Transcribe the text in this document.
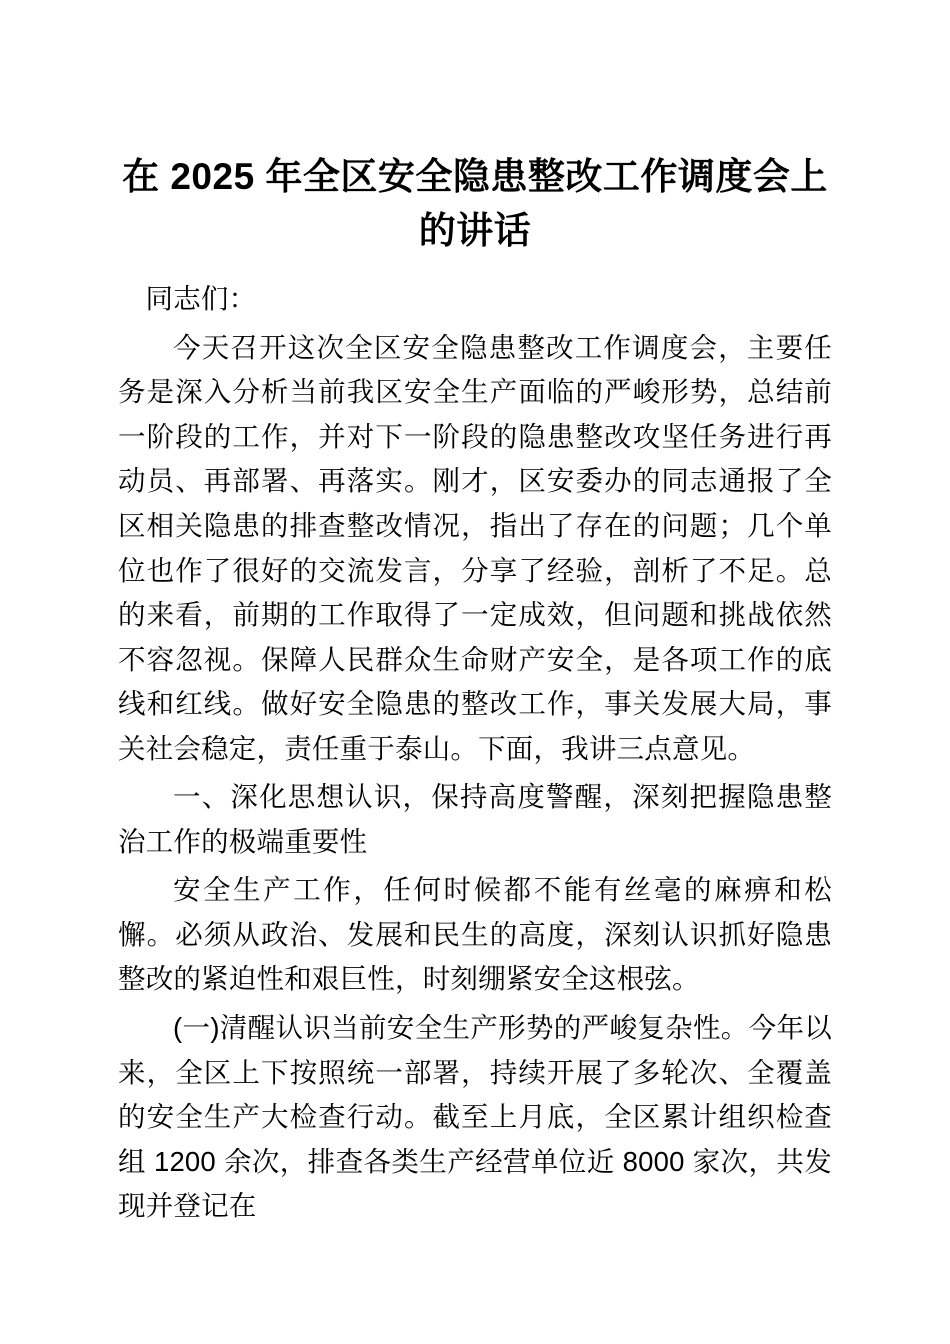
在 2025 年全区安全隐患整改工作调度会上的讲话

同志们：

今天召开这次全区安全隐患整改工作调度会，主要任务是深入分析当前我区安全生产面临的严峻形势，总结前一阶段的工作，并对下一阶段的隐患整改攻坚任务进行再动员、再部署、再落实。刚才，区安委办的同志通报了全区相关隐患的排查整改情况，指出了存在的问题；几个单位也作了很好的交流发言，分享了经验，剖析了不足。总的来看，前期的工作取得了一定成效，但问题和挑战依然不容忽视。保障人民群众生命财产安全，是各项工作的底线和红线。做好安全隐患的整改工作，事关发展大局，事关社会稳定，责任重于泰山。下面，我讲三点意见。

一、深化思想认识，保持高度警醒，深刻把握隐患整治工作的极端重要性

安全生产工作，任何时候都不能有丝毫的麻痹和松懈。必须从政治、发展和民生的高度，深刻认识抓好隐患整改的紧迫性和艰巨性，时刻绷紧安全这根弦。

(一)清醒认识当前安全生产形势的严峻复杂性。今年以来，全区上下按照统一部署，持续开展了多轮次、全覆盖的安全生产大检查行动。截至上月底，全区累计组织检查组 1200 余次，排查各类生产经营单位近 8000 家次，共发现并登记在
